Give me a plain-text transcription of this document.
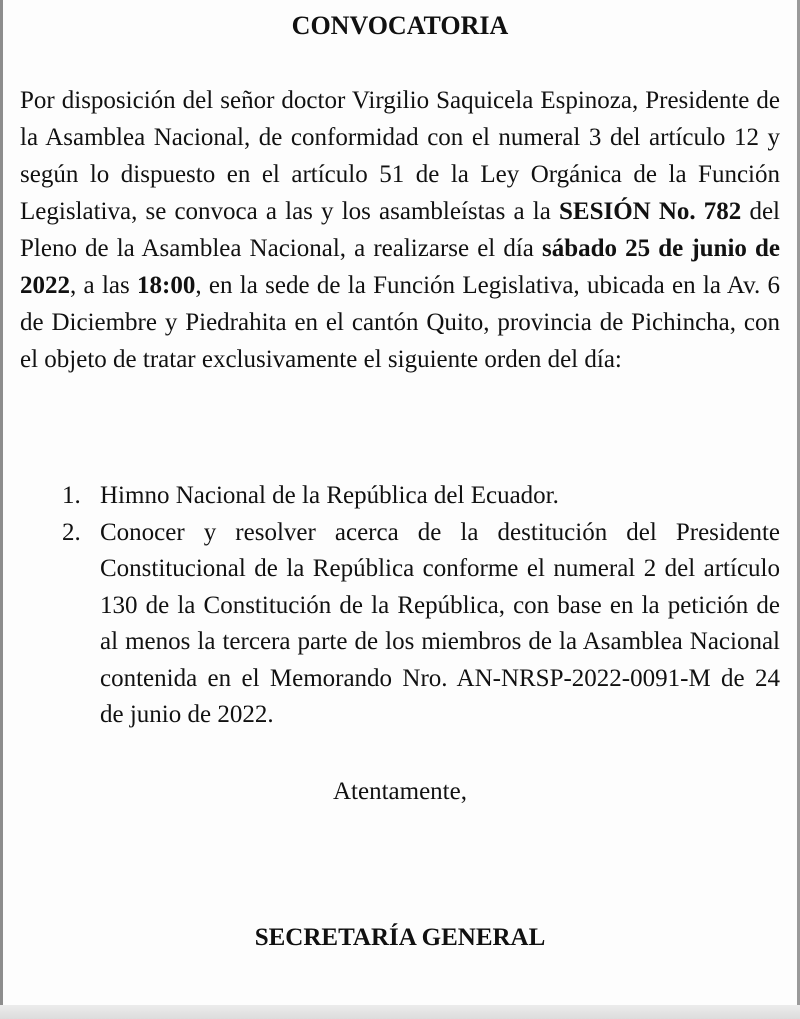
CONVOCATORIA

Por disposición del señor doctor Virgilio Saquicela Espinoza, Presidente de la Asamblea Nacional, de conformidad con el numeral 3 del artículo 12 y según lo dispuesto en el artículo 51 de la Ley Orgánica de la Función Legislativa, se convoca a las y los asambleístas a la SESIÓN No. 782 del Pleno de la Asamblea Nacional, a realizarse el día sábado 25 de junio de 2022, a las 18:00, en la sede de la Función Legislativa, ubicada en la Av. 6 de Diciembre y Piedrahita en el cantón Quito, provincia de Pichincha, con el objeto de tratar exclusivamente el siguiente orden del día:

1. Himno Nacional de la República del Ecuador.
2. Conocer y resolver acerca de la destitución del Presidente Constitucional de la República conforme el numeral 2 del artículo 130 de la Constitución de la República, con base en la petición de al menos la tercera parte de los miembros de la Asamblea Nacional contenida en el Memorando Nro. AN-NRSP-2022-0091-M de 24 de junio de 2022.
Atentamente,
SECRETARÍA GENERAL
